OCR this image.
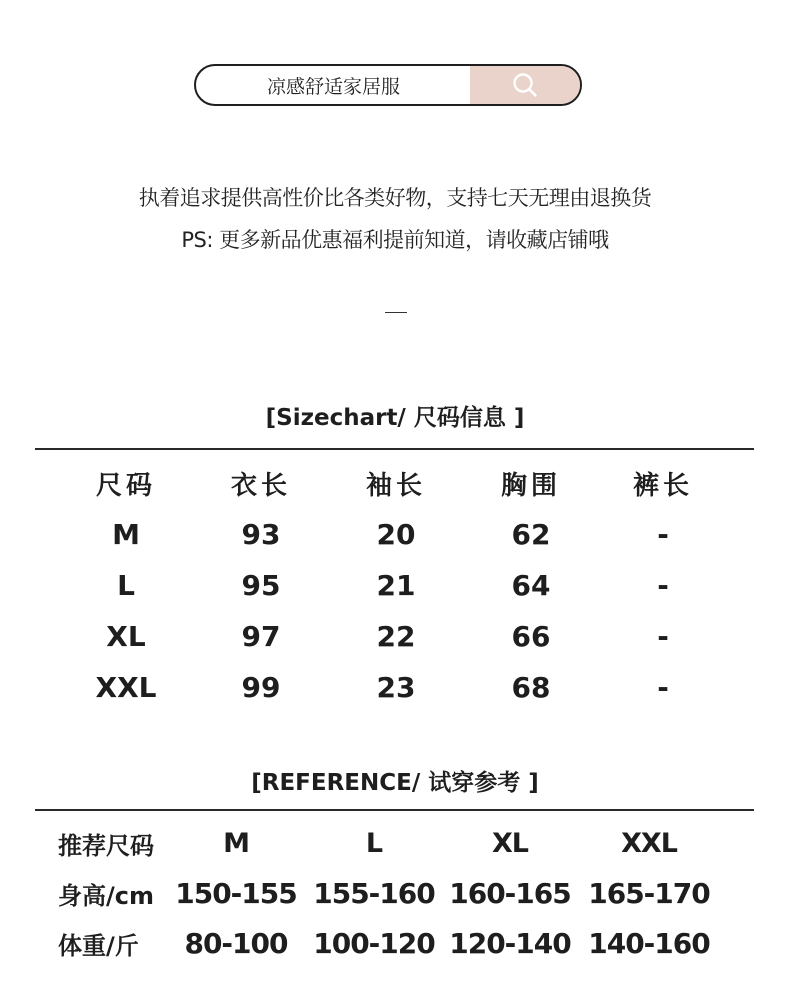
凉感舒适家居服
执着追求提供高性价比各类好物，支持七天无理由退换货
PS: 更多新品优惠福利提前知道，请收藏店铺哦
[Sizechart/ 尺码信息 ]
尺码	衣长	袖长	胸围	裤长
M	93	20	62	-
L	95	21	64	-
XL	97	22	66	-
XXL	99	23	68	-
[REFERENCE/ 试穿参考 ]
推荐尺码	M	L	XL	XXL
身高/cm 150-155 155-160 160-165 165-170
体重/斤	80-100 100-120 120-140 140-160
